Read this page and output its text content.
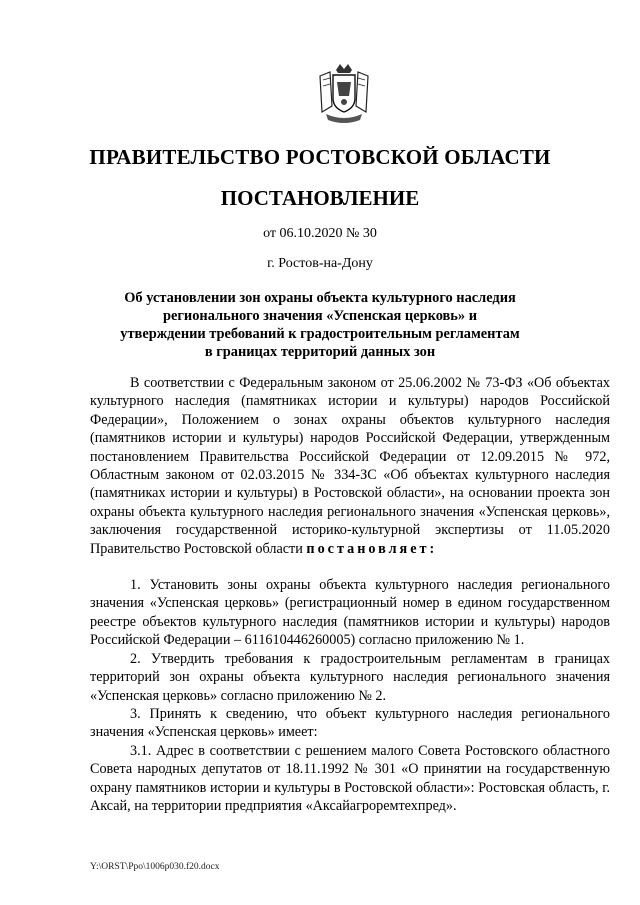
ПРАВИТЕЛЬСТВО РОСТОВСКОЙ ОБЛАСТИ
ПОСТАНОВЛЕНИЕ
от 06.10.2020 № 30
г. Ростов-на-Дону
Об установлении зон охраны объекта культурного наследия регионального значения «Успенская церковь» и утверждении требований к градостроительным регламентам в границах территорий данных зон

В соответствии с Федеральным законом от 25.06.2002 № 73-ФЗ «Об объектах культурного наследия (памятниках истории и культуры) народов Российской Федерации», Положением о зонах охраны объектов культурного наследия (памятников истории и культуры) народов Российской Федерации, утвержденным постановлением Правительства Российской Федерации от 12.09.2015 № 972, Областным законом от 02.03.2015 № 334-ЗС «Об объектах культурного наследия (памятниках истории и культуры) в Ростовской области», на основании проекта зон охраны объекта культурного наследия регионального значения «Успенская церковь», заключения государственной историко-культурной экспертизы от 11.05.2020 Правительство Ростовской области постановляет:

1. Установить зоны охраны объекта культурного наследия регионального значения «Успенская церковь» (регистрационный номер в едином государственном реестре объектов культурного наследия (памятников истории и культуры) народов Российской Федерации – 611610446260005) согласно приложению № 1.

2. Утвердить требования к градостроительным регламентам в границах территорий зон охраны объекта культурного наследия регионального значения «Успенская церковь» согласно приложению № 2.

3. Принять к сведению, что объект культурного наследия регионального значения «Успенская церковь» имеет:

3.1. Адрес в соответствии с решением малого Совета Ростовского областного Совета народных депутатов от 18.11.1992 № 301 «О принятии на государственную охрану памятников истории и культуры в Ростовской области»: Ростовская область, г. Аксай, на территории предприятия «Аксайагроремтехпред».

Y:\ORST\Ppo\1006p030.f20.docx
